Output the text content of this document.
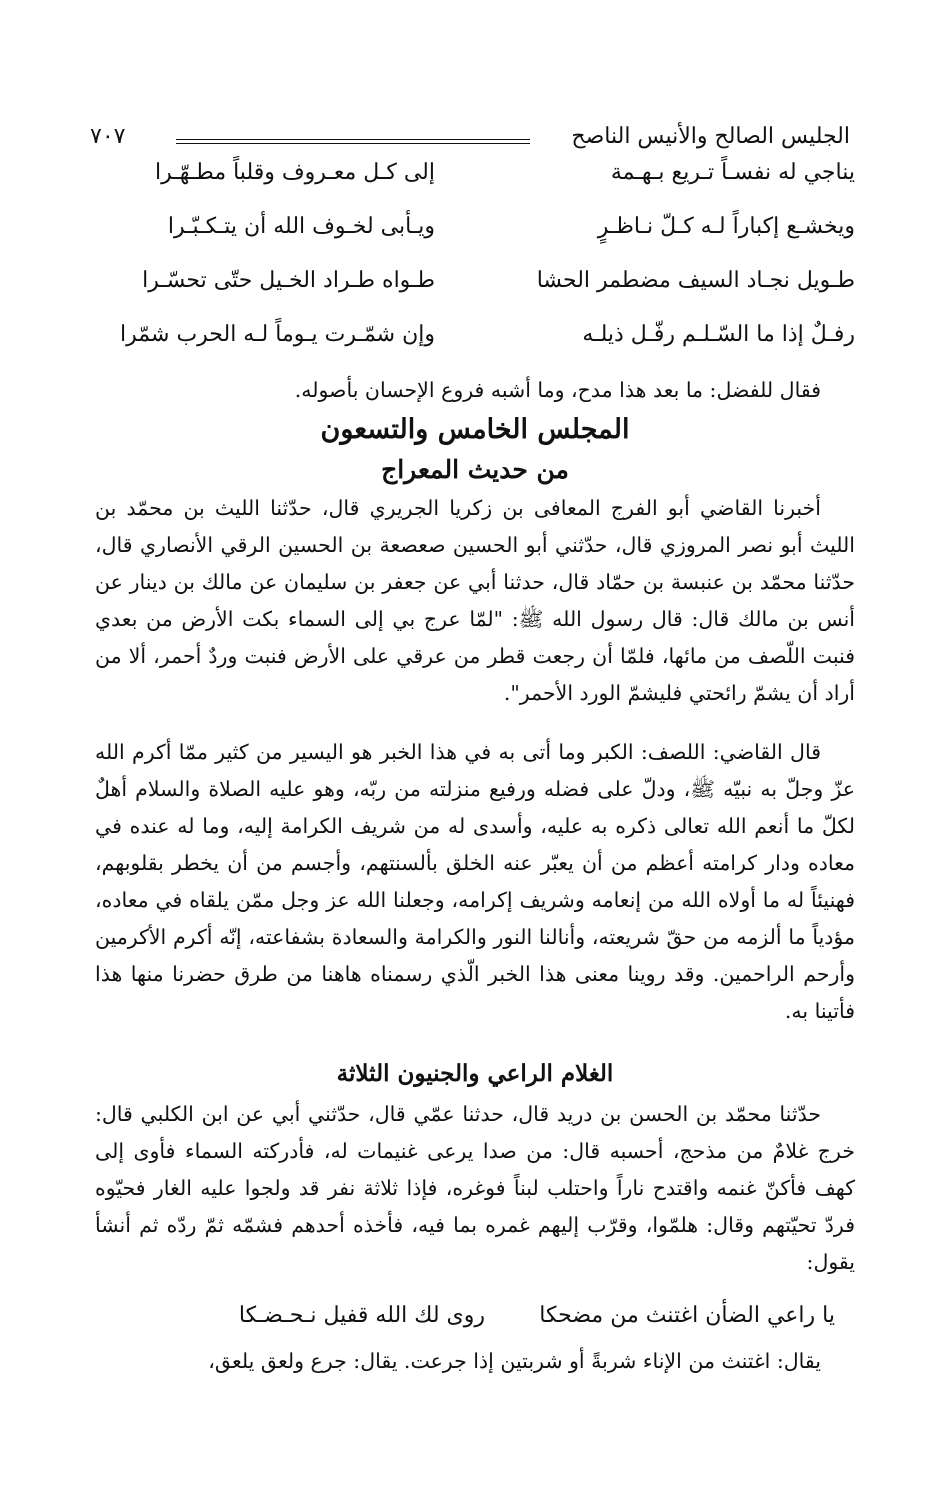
الجليس الصالح والأنيس الناصح
٧٠٧
يناجي له نفسـاً تـريع بـهـمة
إلى كـل معـروف وقلباً مطـهّـرا
ويخشـع إكباراً لـه كـلّ نـاظـرٍ
ويـأبى لخـوف الله أن يتـكـبّـرا
طـويل نجـاد السيف مضطمر الحشا
طـواه طـراد الخـيل حتّى تحسّـرا
رفـلٌ إذا ما السّـلـم رفّـل ذيلـه
وإن شمّـرت يـوماً لـه الحرب شمّرا

فقال للفضل: ما بعد هذا مدح، وما أشبه فروع الإحسان بأصوله.

المجلس الخامس والتسعون
من حديث المعراج

أخبرنا القاضي أبو الفرج المعافى بن زكريا الجريري قال، حدّثنا الليث بن محمّد بن الليث أبو نصر المروزي قال، حدّثني أبو الحسين صعصعة بن الحسين الرقي الأنصاري قال، حدّثنا محمّد بن عنبسة بن حمّاد قال، حدثنا أبي عن جعفر بن سليمان عن مالك بن دينار عن أنس بن مالك قال: قال رسول الله ﷺ: "لمّا عرج بي إلى السماء بكت الأرض من بعدي فنبت اللّصف من مائها، فلمّا أن رجعت قطر من عرقي على الأرض فنبت وردٌ أحمر، ألا من أراد أن يشمّ رائحتي فليشمّ الورد الأحمر".

قال القاضي: اللصف: الكبر وما أتى به في هذا الخبر هو اليسير من كثير ممّا أكرم الله عزّ وجلّ به نبيّه ﷺ، ودلّ على فضله ورفيع منزلته من ربّه، وهو عليه الصلاة والسلام أهلٌ لكلّ ما أنعم الله تعالى ذكره به عليه، وأسدى له من شريف الكرامة إليه، وما له عنده في معاده ودار كرامته أعظم من أن يعبّر عنه الخلق بألسنتهم، وأجسم من أن يخطر بقلوبهم، فهنيئاً له ما أولاه الله من إنعامه وشريف إكرامه، وجعلنا الله عز وجل ممّن يلقاه في معاده، مؤدياً ما ألزمه من حقّ شريعته، وأنالنا النور والكرامة والسعادة بشفاعته، إنّه أكرم الأكرمين وأرحم الراحمين. وقد روينا معنى هذا الخبر الّذي رسمناه هاهنا من طرق حضرنا منها هذا فأتينا به.

الغلام الراعي والجنيون الثلاثة

حدّثنا محمّد بن الحسن بن دريد قال، حدثنا عمّي قال، حدّثني أبي عن ابن الكلبي قال: خرج غلامٌ من مذحج، أحسبه قال: من صدا يرعى غنيمات له، فأدركته السماء فأوى إلى كهف فأكنّ غنمه واقتدح ناراً واحتلب لبناً فوغره، فإذا ثلاثة نفر قد ولجوا عليه الغار فحيّوه فردّ تحيّتهم وقال: هلمّوا، وقرّب إليهم غمره بما فيه، فأخذه أحدهم فشمّه ثمّ ردّه ثم أنشأ يقول:

يا راعي الضأن اغتنث من مضحكا
روى لك الله قفيل نـحـضـكا

يقال: اغتنث من الإناء شربةً أو شربتين إذا جرعت. يقال: جرع ولعق يلعق،
